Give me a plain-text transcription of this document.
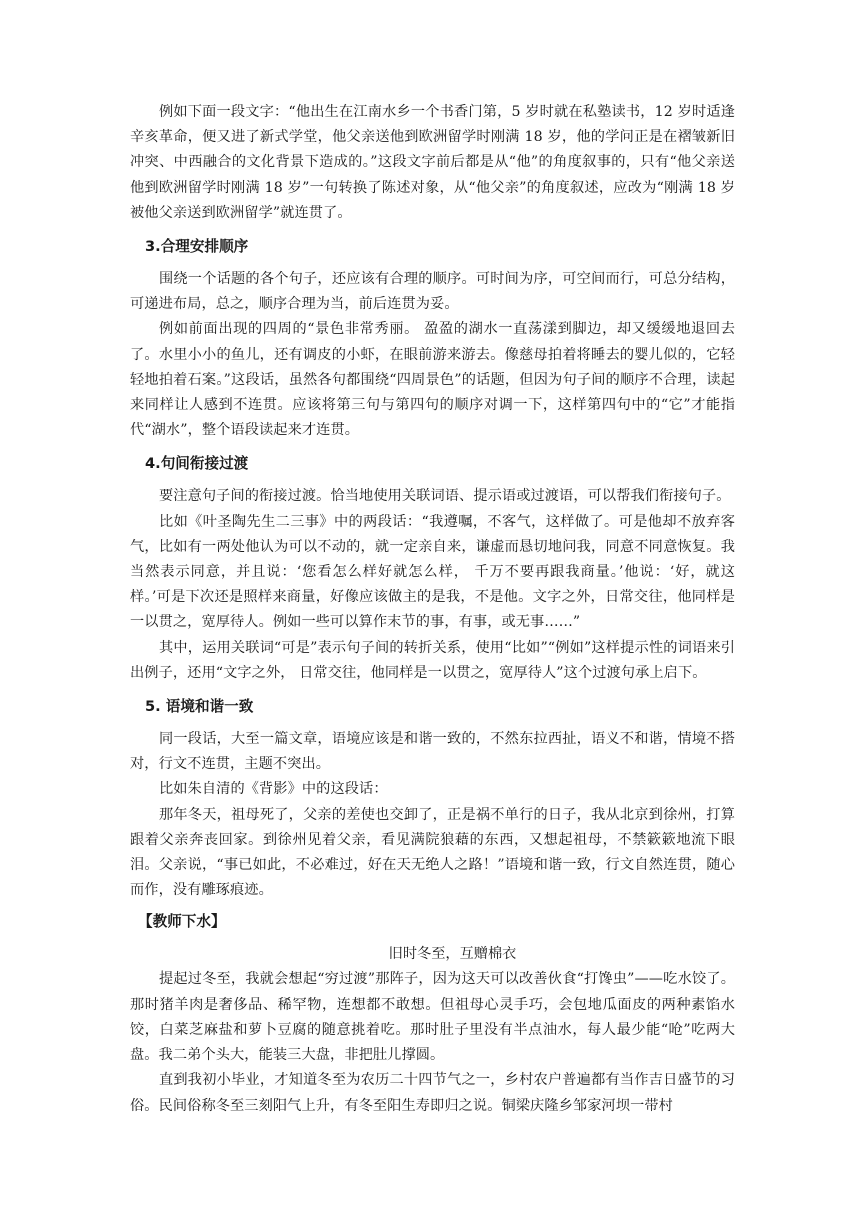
例如下面一段文字：“他出生在江南水乡一个书香门第，5 岁时就在私塾读书，12 岁时适逢辛亥革命，便又进了新式学堂，他父亲送他到欧洲留学时刚满 18 岁，他的学问正是在褶皱新旧冲突、中西融合的文化背景下造成的。”这段文字前后都是从“他”的角度叙事的，只有“他父亲送他到欧洲留学时刚满 18 岁”一句转换了陈述对象，从“他父亲”的角度叙述，应改为“刚满 18 岁被他父亲送到欧洲留学”就连贯了。

3.合理安排顺序

围绕一个话题的各个句子，还应该有合理的顺序。可时间为序，可空间而行，可总分结构，可递进布局，总之，顺序合理为当，前后连贯为妥。

例如前面出现的四周的“景色非常秀丽。 盈盈的湖水一直荡漾到脚边，却又缓缓地退回去了。水里小小的鱼儿，还有调皮的小虾，在眼前游来游去。像慈母拍着将睡去的婴儿似的，它轻轻地拍着石案。”这段话，虽然各句都围绕“四周景色”的话题，但因为句子间的顺序不合理，读起来同样让人感到不连贯。应该将第三句与第四句的顺序对调一下，这样第四句中的“它”才能指代“湖水”，整个语段读起来才连贯。

4.句间衔接过渡

要注意句子间的衔接过渡。恰当地使用关联词语、提示语或过渡语，可以帮我们衔接句子。

比如《叶圣陶先生二三事》中的两段话：“我遵嘱，不客气，这样做了。可是他却不放弃客气，比如有一两处他认为可以不动的，就一定亲自来，谦虚而恳切地问我，同意不同意恢复。我当然表示同意，并且说：‘您看怎么样好就怎么样， 千万不要再跟我商量。’他说：‘好，就这样。’可是下次还是照样来商量，好像应该做主的是我，不是他。文字之外，日常交往，他同样是一以贯之，宽厚待人。例如一些可以算作末节的事，有事，或无事……”

其中，运用关联词“可是”表示句子间的转折关系，使用“比如”“例如”这样提示性的词语来引出例子，还用“文字之外， 日常交往，他同样是一以贯之，宽厚待人”这个过渡句承上启下。

5. 语境和谐一致

同一段话，大至一篇文章，语境应该是和谐一致的，不然东拉西扯，语义不和谐，情境不搭对，行文不连贯，主题不突出。

比如朱自清的《背影》中的这段话：

那年冬天，祖母死了，父亲的差使也交卸了，正是祸不单行的日子，我从北京到徐州，打算跟着父亲奔丧回家。到徐州见着父亲，看见满院狼藉的东西，又想起祖母，不禁簌簌地流下眼泪。父亲说，“事已如此，不必难过，好在天无绝人之路！”语境和谐一致，行文自然连贯，随心而作，没有雕琢痕迹。

【教师下水】
旧时冬至，互赠棉衣

提起过冬至，我就会想起“穷过渡”那阵子，因为这天可以改善伙食“打馋虫”——吃水饺了。那时猪羊肉是奢侈品、稀罕物，连想都不敢想。但祖母心灵手巧，会包地瓜面皮的两种素馅水饺，白菜芝麻盐和萝卜豆腐的随意挑着吃。那时肚子里没有半点油水，每人最少能“呛”吃两大盘。我二弟个头大，能装三大盘，非把肚儿撑圆。

直到我初小毕业，才知道冬至为农历二十四节气之一，乡村农户普遍都有当作吉日盛节的习俗。民间俗称冬至三刻阳气上升，有冬至阳生寿即归之说。铜梁庆隆乡邹家河坝一带村
